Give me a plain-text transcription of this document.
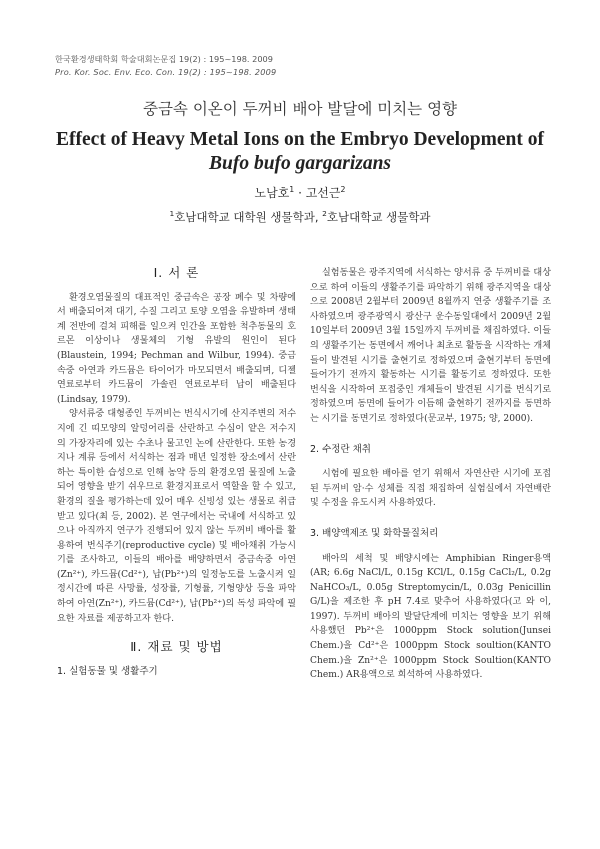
한국환경생태학회 학술대회논문집 19(2) : 195~198. 2009
Pro. Kor. Soc. Env. Eco. Con. 19(2) : 195~198. 2009
중금속 이온이 두꺼비 배아 발달에 미치는 영향
Effect of Heavy Metal Ions on the Embryo Development of
Bufo bufo gargarizans
노남호$^1$ · 고선근$^2$
$^1$호남대학교 대학원 생물학과, $^2$호남대학교 생물학과
Ⅰ. 서 론

환경오염물질의 대표적인 중금속은 공장 폐수 및 차량에서 배출되어져 대기, 수질 그리고 토양 오염을 유발하며 생태계 전반에 걸쳐 피해를 일으켜 인간을 포함한 척추동물의 호르몬 이상이나 생물체의 기형 유발의 원인이 된다(Blaustein, 1994; Pechman and Wilbur, 1994). 중금속중 아연과 카드뮴은 타이어가 마모되면서 배출되며, 디젤연료로부터 카드뮴이 가솔린 연료로부터 납이 배출된다(Lindsay, 1979).

양서류중 대형종인 두꺼비는 번식시기에 산지주변의 저수지에 긴 띠모양의 알덩어리를 산란하고 수심이 얕은 저수지의 가장자리에 있는 수초나 물고인 논에 산란한다. 또한 농경지나 계류 등에서 서식하는 점과 매년 일정한 장소에서 산란하는 특이한 습성으로 인해 농약 등의 환경오염 물질에 노출되어 영향을 받기 쉬우므로 환경지표로서 역할을 할 수 있고, 환경의 질을 평가하는데 있어 매우 신빙성 있는 생물로 취급받고 있다(최 등, 2002). 본 연구에서는 국내에 서식하고 있으나 아직까지 연구가 진행되어 있지 않는 두꺼비 배아를 활용하여 번식주기(reproductive cycle) 및 배아채취 가능시기를 조사하고, 이들의 배아를 배양하면서 중금속중 아연(Zn²⁺), 카드뮴(Cd²⁺), 납(Pb²⁺)의 일정농도를 노출시켜 일정시간에 따른 사망률, 성장률, 기형률, 기형양상 등을 파악하여 아연(Zn²⁺), 카드뮴(Cd²⁺), 납(Pb²⁺)의 독성 파악에 필요한 자료를 제공하고자 한다.

Ⅱ. 재료 및 방법
1. 실험동물 및 생활주기

실험동물은 광주지역에 서식하는 양서류 중 두꺼비를 대상으로 하여 이들의 생활주기를 파악하기 위해 광주지역을 대상으로 2008년 2월부터 2009년 8월까지 연중 생활주기를 조사하였으며 광주광역시 광산구 운수동일대에서 2009년 2월 10일부터 2009년 3월 15일까지 두꺼비를 채집하였다. 이들의 생활주기는 동면에서 깨어나 최초로 활동을 시작하는 개체들이 발견된 시기를 출현기로 정하였으며 출현기부터 동면에 들어가기 전까지 활동하는 시기를 활동기로 정하였다. 또한 번식을 시작하여 포접중인 개체들이 발견된 시기를 번식기로 정하였으며 동면에 들어가 이듬해 출현하기 전까지를 동면하는 시기를 동면기로 정하였다(문교부, 1975; 양, 2000).

2. 수정란 채취

시험에 필요한 배아를 얻기 위해서 자연산란 시기에 포접된 두꺼비 암·수 성체를 직접 채집하여 실험실에서 자연배란 및 수정을 유도시켜 사용하였다.

3. 배양액제조 및 화학물질처리

배아의 세척 및 배양시에는 Amphibian Ringer용액(AR; 6.6g NaCl/L, 0.15g KCl/L, 0.15g CaCl₂/L, 0.2g NaHCO₃/L, 0.05g Streptomycin/L, 0.03g Penicillin G/L)을 제조한 후 pH 7.4로 맞추어 사용하였다(고 와 이, 1997). 두꺼비 배아의 발달단계에 미치는 영향을 보기 위해 사용했던 Pb²⁺은 1000ppm Stock solution(Junsei Chem.)을 Cd²⁺은 1000ppm Stock soultion(KANTO Chem.)을 Zn²⁺은 1000ppm Stock Soultion(KANTO Chem.) AR용액으로 희석하여 사용하였다.
